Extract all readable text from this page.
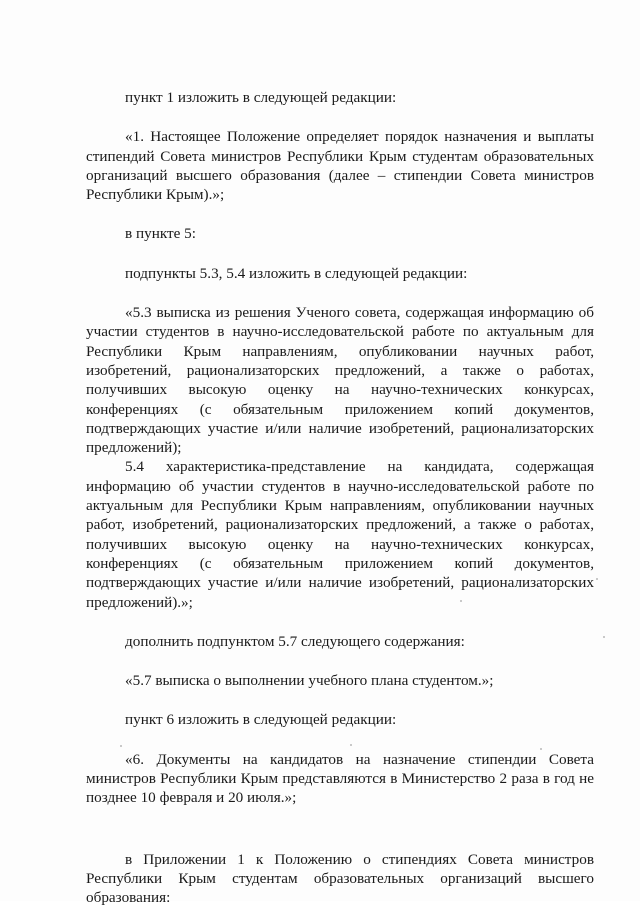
пункт 1 изложить в следующей редакции:

«1. Настоящее Положение определяет порядок назначения и выплаты стипендий Совета министров Республики Крым студентам образовательных организаций высшего образования (далее – стипендии Совета министров Республики Крым).»;

в пункте 5:

подпункты 5.3, 5.4 изложить в следующей редакции:

«5.3 выписка из решения Ученого совета, содержащая информацию об участии студентов в научно-исследовательской работе по актуальным для Республики Крым направлениям, опубликовании научных работ, изобретений, рационализаторских предложений, а также о работах, получивших высокую оценку на научно-технических конкурсах, конференциях (с обязательным приложением копий документов, подтверждающих участие и/или наличие изобретений, рационализаторских предложений);

5.4 характеристика-представление на кандидата, содержащая информацию об участии студентов в научно-исследовательской работе по актуальным для Республики Крым направлениям, опубликовании научных работ, изобретений, рационализаторских предложений, а также о работах, получивших высокую оценку на научно-технических конкурсах, конференциях (с обязательным приложением копий документов, подтверждающих участие и/или наличие изобретений, рационализаторских предложений).»;

дополнить подпунктом 5.7 следующего содержания:

«5.7 выписка о выполнении учебного плана студентом.»;

пункт 6 изложить в следующей редакции:

«6. Документы на кандидатов на назначение стипендии Совета министров Республики Крым представляются в Министерство 2 раза в год не позднее 10 февраля и 20 июля.»;

в Приложении 1 к Положению о стипендиях Совета министров Республики Крым студентам образовательных организаций высшего образования:
